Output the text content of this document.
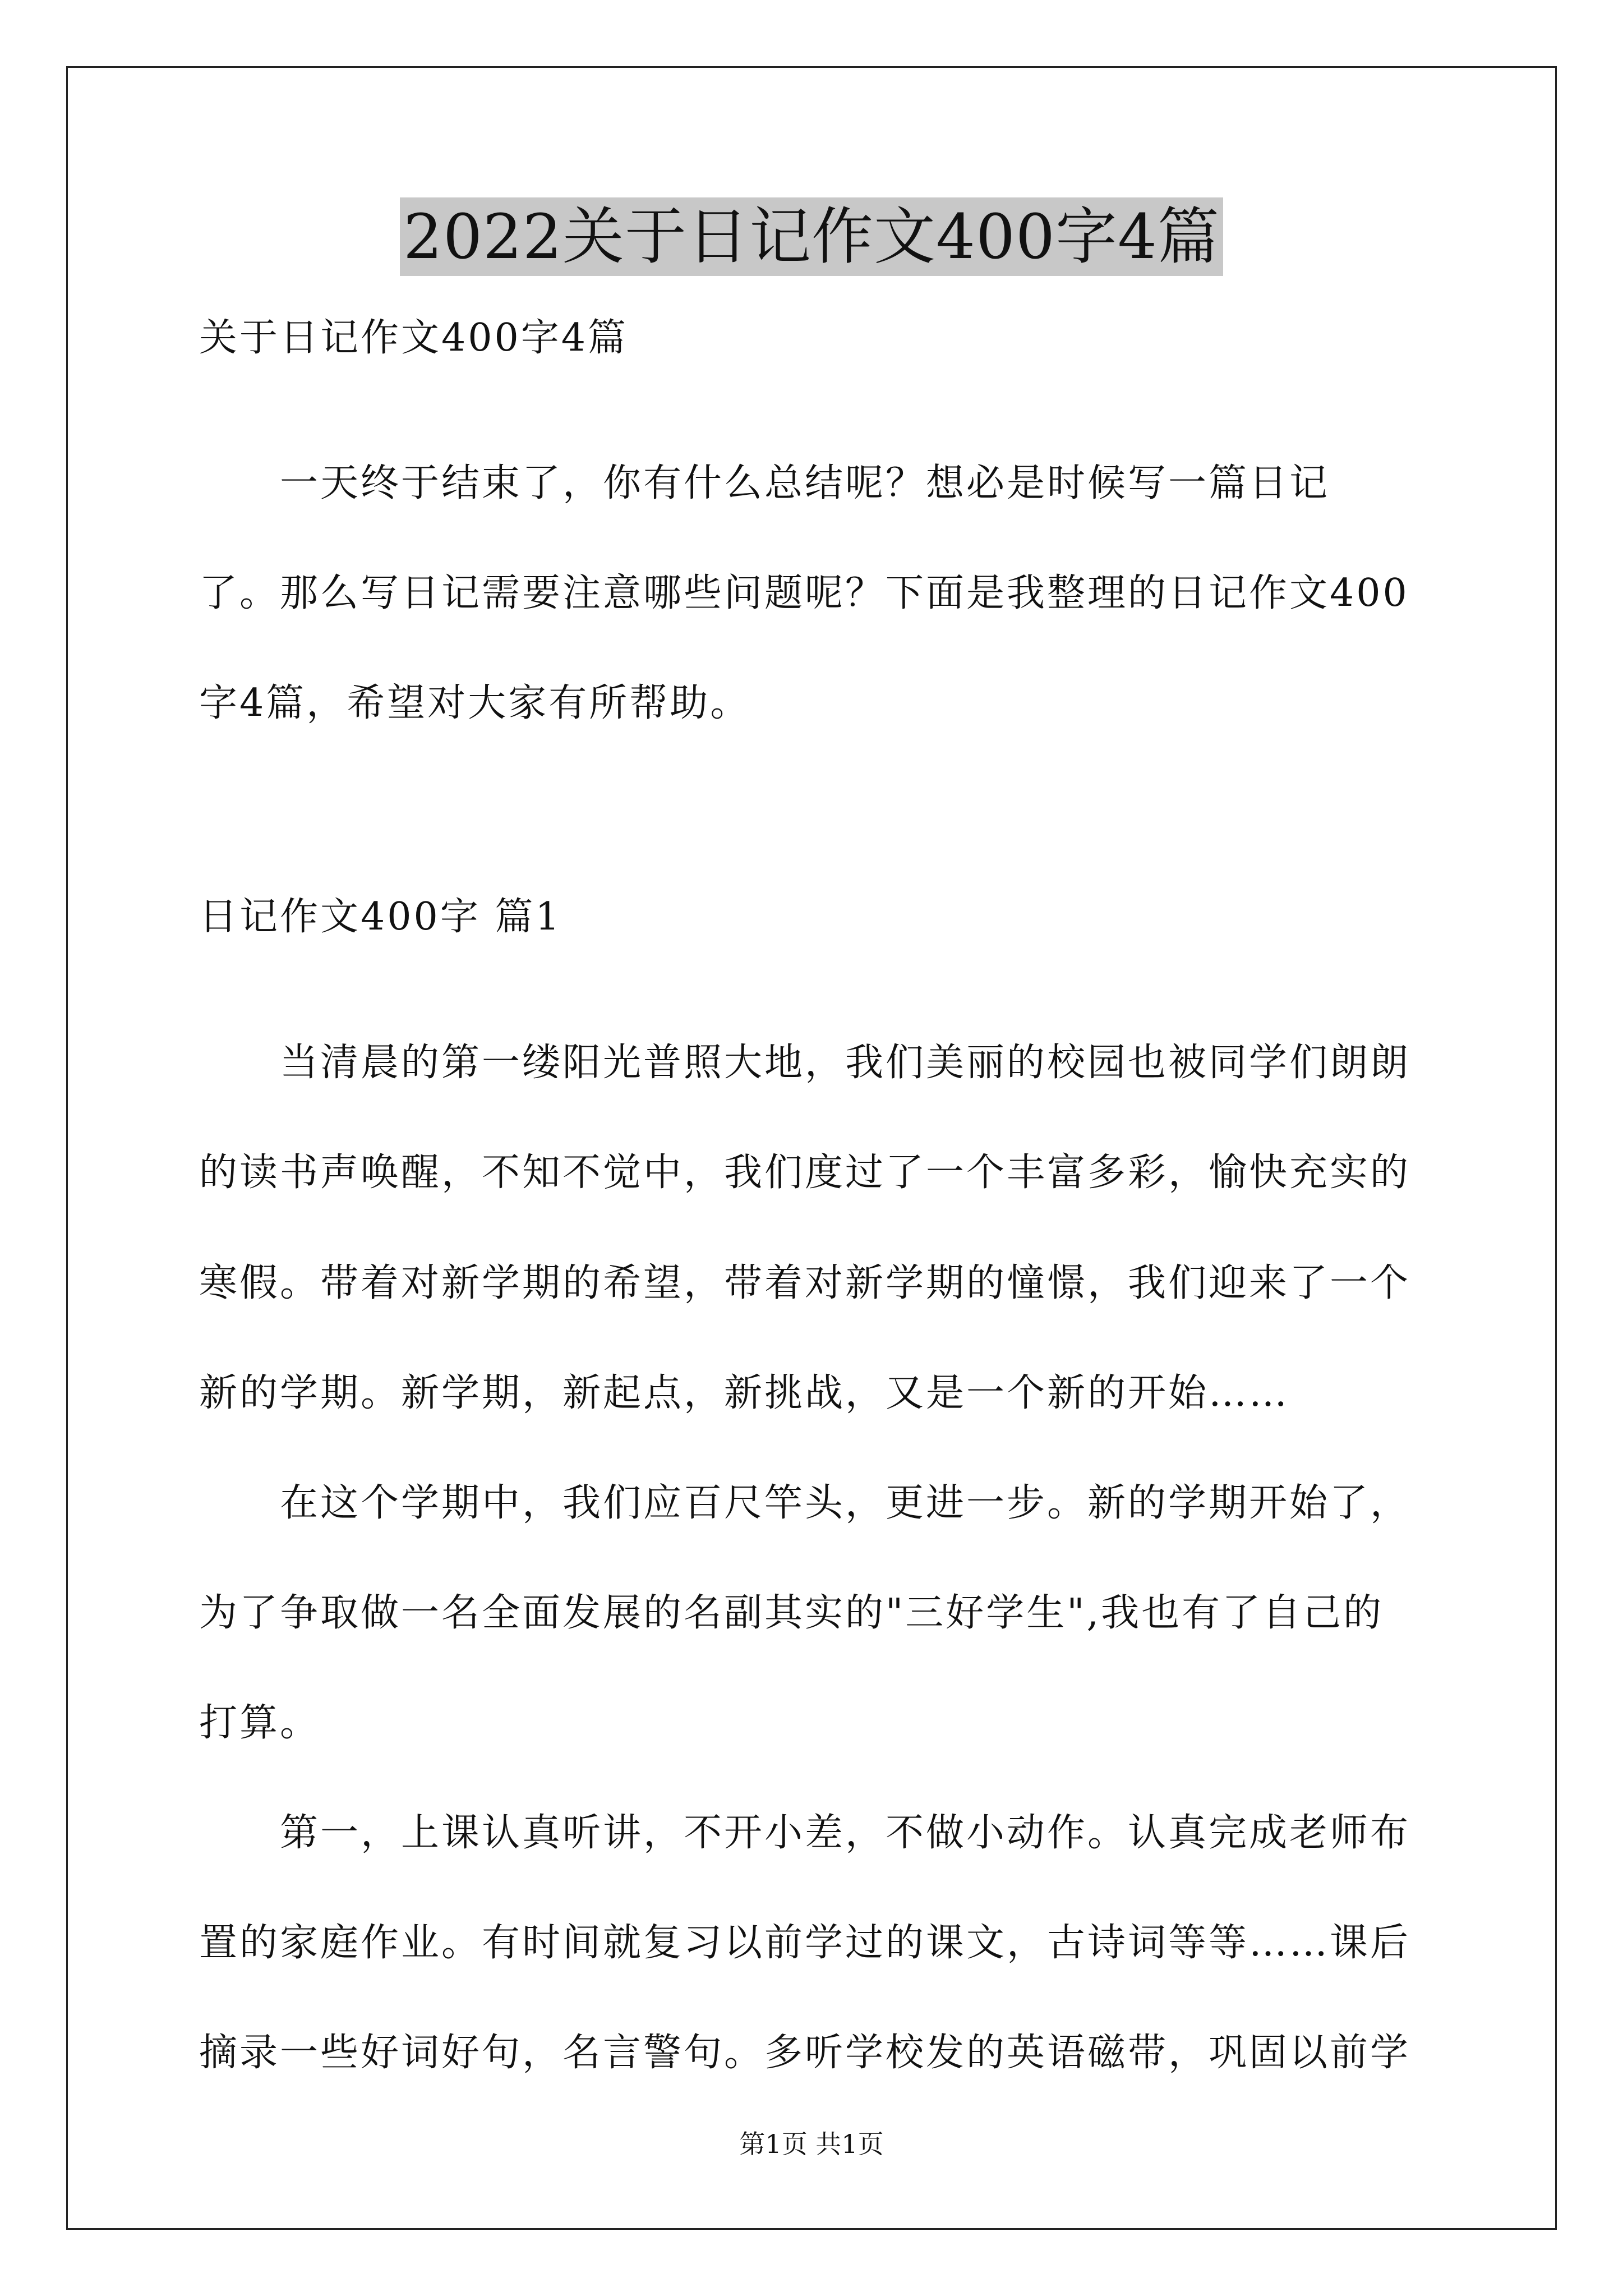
2022关于日记作文400字4篇
关于日记作文400字4篇
　　一天终于结束了，你有什么总结呢？想必是时候写一篇日记
了。那么写日记需要注意哪些问题呢？下面是我整理的日记作文400
字4篇，希望对大家有所帮助。
日记作文400字 篇1
　　当清晨的第一缕阳光普照大地，我们美丽的校园也被同学们朗朗
的读书声唤醒，不知不觉中，我们度过了一个丰富多彩，愉快充实的
寒假。带着对新学期的希望，带着对新学期的憧憬，我们迎来了一个
新的学期。新学期，新起点，新挑战，又是一个新的开始……
　　在这个学期中，我们应百尺竿头，更进一步。新的学期开始了，
为了争取做一名全面发展的名副其实的"三好学生",我也有了自己的
打算。
　　第一，上课认真听讲，不开小差，不做小动作。认真完成老师布
置的家庭作业。有时间就复习以前学过的课文，古诗词等等……课后
摘录一些好词好句，名言警句。多听学校发的英语磁带，巩固以前学
第1页 共1页
